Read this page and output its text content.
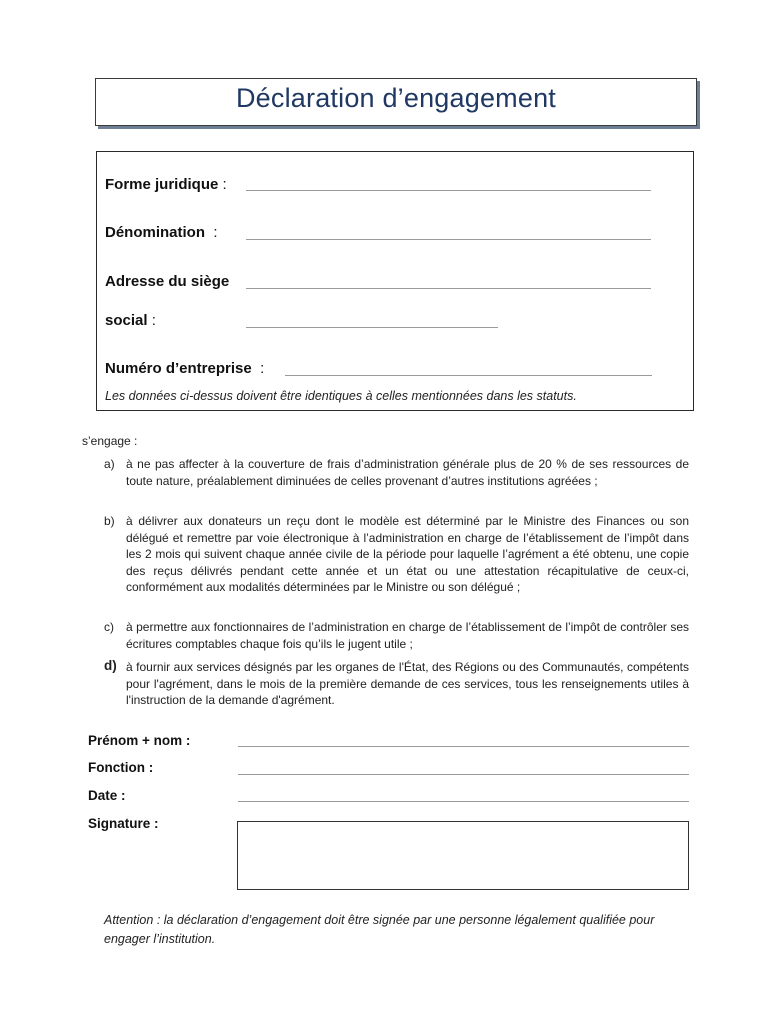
Déclaration d’engagement
Forme juridique :
Dénomination :
Adresse du siège
social :
Numéro d’entreprise :
Les données ci-dessus doivent être identiques à celles mentionnées dans les statuts.
s’engage :
a) à ne pas affecter à la couverture de frais d’administration générale plus de 20 % de ses ressources de toute nature, préalablement diminuées de celles provenant d’autres institutions agréées ;
b) à délivrer aux donateurs un reçu dont le modèle est déterminé par le Ministre des Finances ou son délégué et remettre par voie électronique à l’administration en charge de l’établissement de l’impôt dans les 2 mois qui suivent chaque année civile de la période pour laquelle l’agrément a été obtenu, une copie des reçus délivrés pendant cette année et un état ou une attestation récapitulative de ceux-ci, conformément aux modalités déterminées par le Ministre ou son délégué ;
c)	à permettre aux fonctionnaires de l’administration en charge de l’établissement de l’impôt de contrôler ses écritures comptables chaque fois qu’ils le jugent utile ;
d) à fournir aux services désignés par les organes de l'État, des Régions ou des Communautés, compétents pour l'agrément, dans le mois de la première demande de ces services, tous les renseignements utiles à l'instruction de la demande d'agrément.
Prénom + nom :
Fonction :
Date :
Signature :
Attention : la déclaration d’engagement doit être signée par une personne légalement qualifiée pour engager l’institution.
